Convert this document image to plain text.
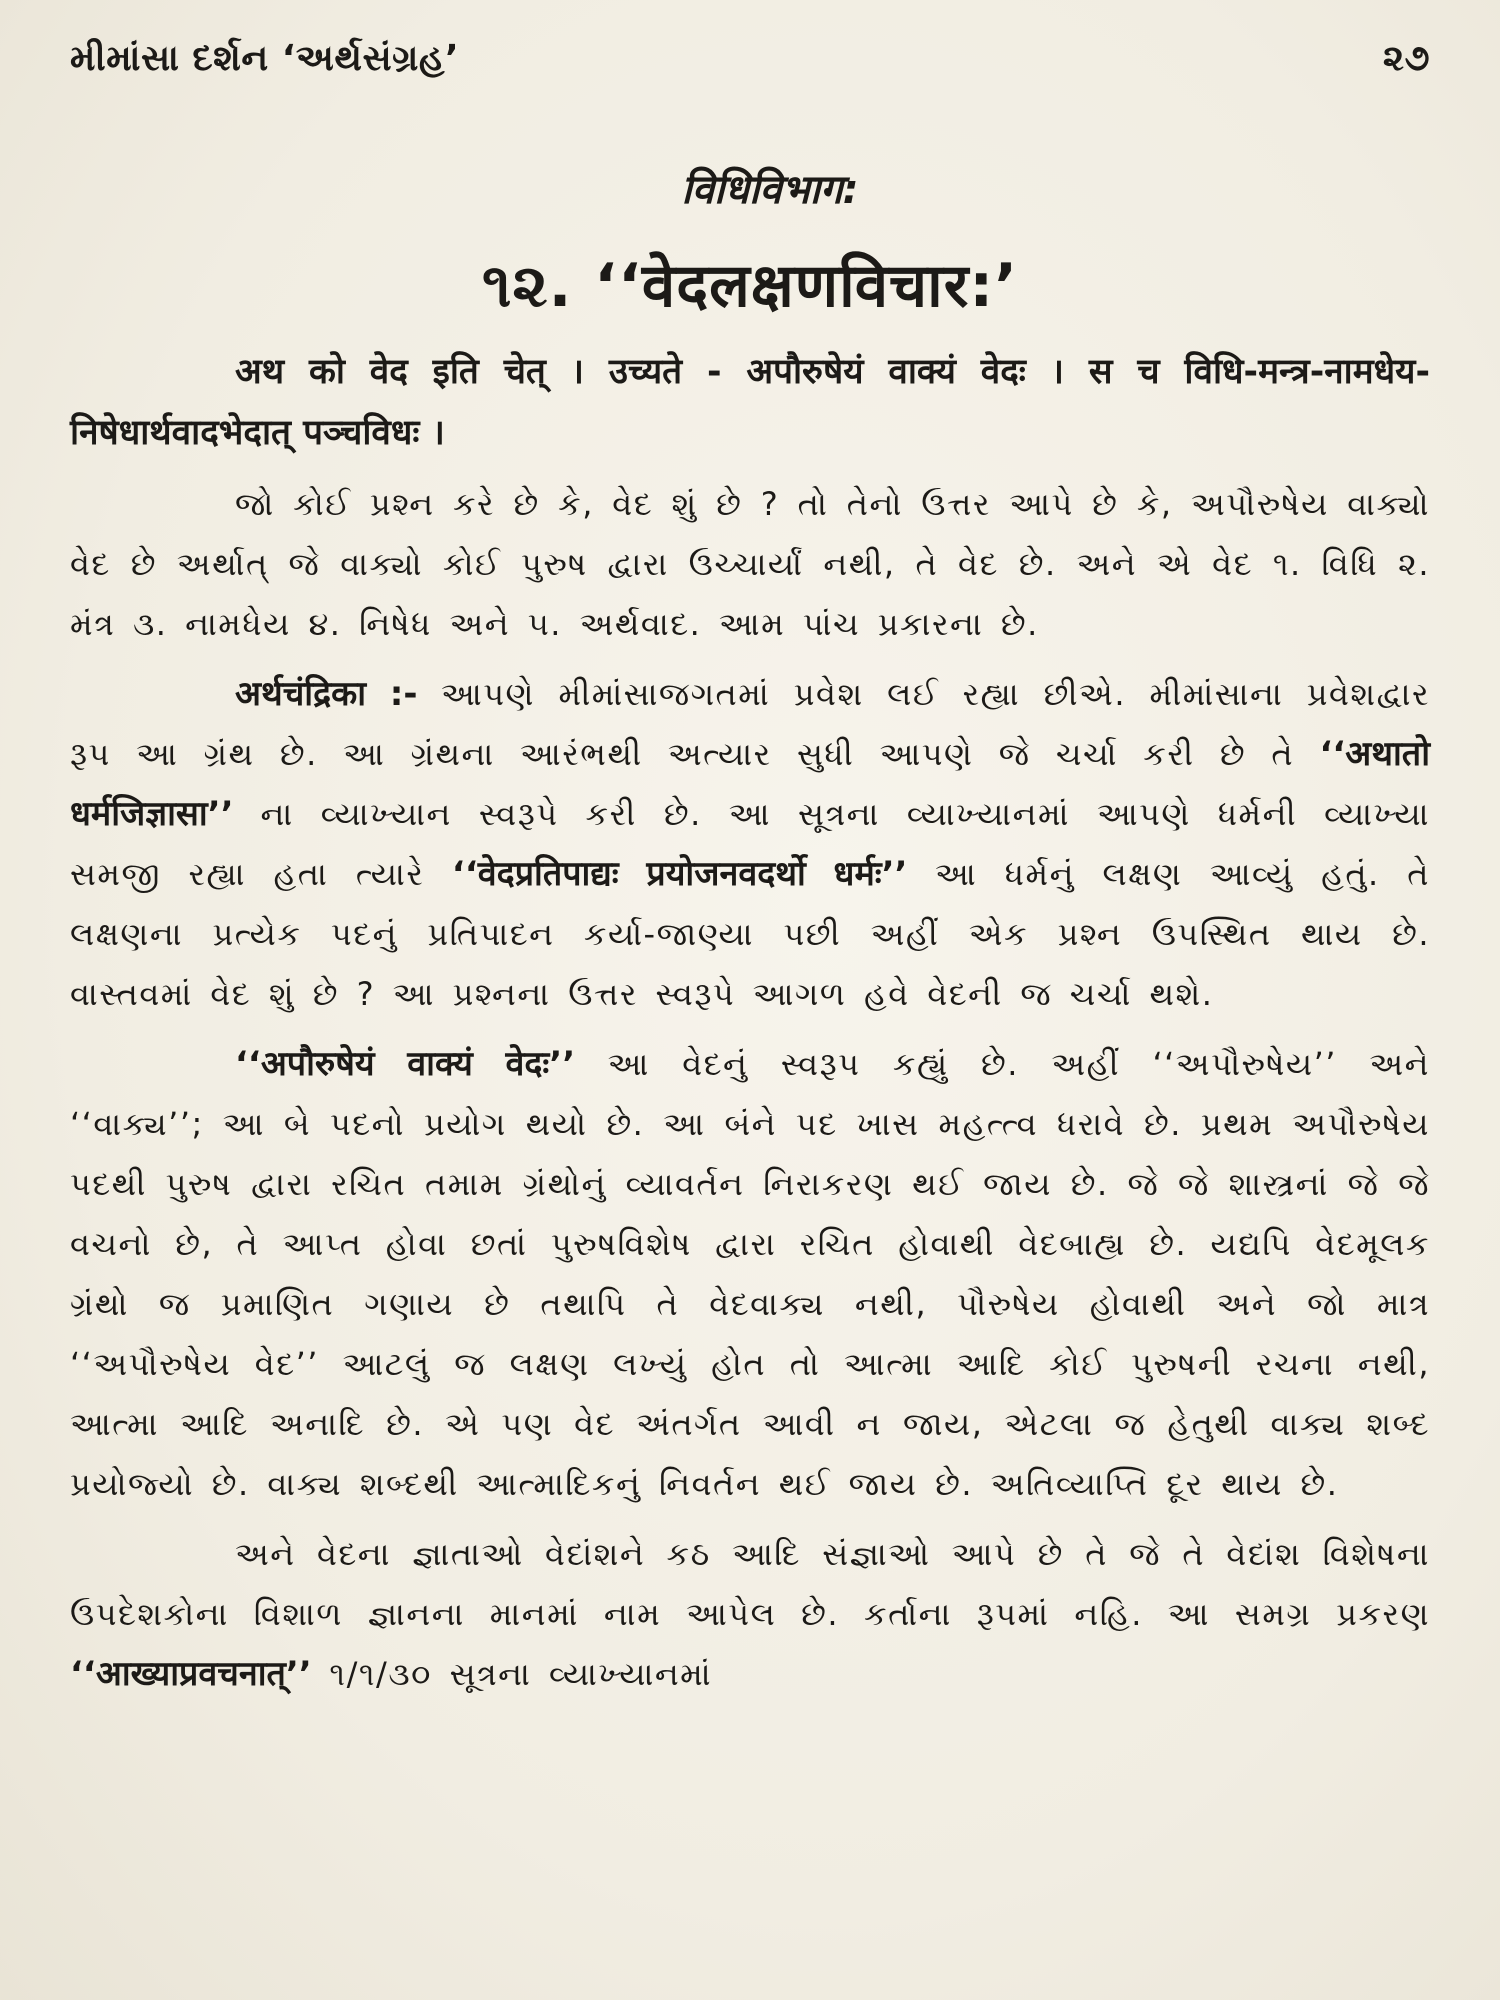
મીમાંસા દર્શન ‘અર્થસંગ્રહ’	૨૭
विधिविभाग:
૧૨. ‘‘वेदलक्षणविचार:’

अथ को वेद इति चेत् । उच्यते - अपौरुषेयं वाक्यं वेदः । स च विधि-मन्त्र-नामधेय-निषेधार्थवादभेदात् पञ्चविधः ।

જો કોઈ પ્રશ્ન કરે છે કે, વેદ શું છે ? તો તેનો ઉત્તર આપે છે કે, અપૌરુષેય વાક્યો વેદ છે અર્થાત્ જે વાક્યો કોઈ પુરુષ દ્વારા ઉચ્ચાર્યાં નથી, તે વેદ છે. અને એ વેદ ૧. વિધિ ૨. મંત્ર ૩. નામધેય ૪. નિષેધ અને ૫. અર્થવાદ. આમ પાંચ પ્રકારના છે.

अर्थचंद्रिका :- આપણે મીમાંસાજગતમાં પ્રવેશ લઈ રહ્યા છીએ. મીમાંસાના પ્રવેશદ્વાર રૂપ આ ગ્રંથ છે. આ ગ્રંથના આરંભથી અત્યાર સુધી આપણે જે ચર્ચા કરી છે તે ‘‘अथातो धर्मजिज्ञासा’’ ના વ્યાખ્યાન સ્વરૂપે કરી છે. આ સૂત્રના વ્યાખ્યાનમાં આપણે ધર્મની વ્યાખ્યા સમજી રહ્યા હતા ત્યારે ‘‘वेदप्रतिपाद्यः प्रयोजनवदर्थो धर्मः’’ આ ધર્મનું લક્ષણ આવ્યું હતું. તે લક્ષણના પ્રત્યેક પદનું પ્રતિપાદન કર્યા-જાણ્યા પછી અહીં એક પ્રશ્ન ઉપસ્થિત થાય છે. વાસ્તવમાં વેદ શું છે ? આ પ્રશ્નના ઉત્તર સ્વરૂપે આગળ હવે વેદની જ ચર્ચા થશે.

‘‘अपौरुषेयं वाक्यं वेदः’’ આ વેદનું સ્વરૂપ કહ્યું છે. અહીં ‘‘અપૌરુષેય’’ અને ‘‘વાક્ય’’; આ બે પદનો પ્રયોગ થયો છે. આ બંને પદ ખાસ મહત્ત્વ ધરાવે છે. પ્રથમ અપૌરુષેય પદથી પુરુષ દ્વારા રચિત તમામ ગ્રંથોનું વ્યાવર્તન નિરાકરણ થઈ જાય છે. જે જે શાસ્ત્રનાં જે જે વચનો છે, તે આપ્ત હોવા છતાં પુરુષવિશેષ દ્વારા રચિત હોવાથી વેદબાહ્ય છે. યદ્યપિ વેદમૂલક ગ્રંથો જ પ્રમાણિત ગણાય છે તથાપિ તે વેદવાક્ય નથી, પૌરુષેય હોવાથી અને જો માત્ર ‘‘અપૌરુષેય વેદ’’ આટલું જ લક્ષણ લખ્યું હોત તો આત્મા આદિ કોઈ પુરુષની રચના નથી, આત્મા આદિ અનાદિ છે. એ પણ વેદ અંતર્ગત આવી ન જાય, એટલા જ હેતુથી વાક્ય શબ્દ પ્રયોજ્યો છે. વાક્ય શબ્દથી આત્માદિકનું નિવર્તન થઈ જાય છે. અતિવ્યાપ્તિ દૂર થાય છે.

અને વેદના જ્ઞાતાઓ વેદાંશને કઠ આદિ સંજ્ઞાઓ આપે છે તે જે તે વેદાંશ વિશેષના ઉપદેશકોના વિશાળ જ્ઞાનના માનમાં નામ આપેલ છે. કર્તાના રૂપમાં નહિ. આ સમગ્ર પ્રકરણ ‘‘आख्याप्रवचनात्’’ ૧/૧/૩૦ સૂત્રના વ્યાખ્યાનમાં
